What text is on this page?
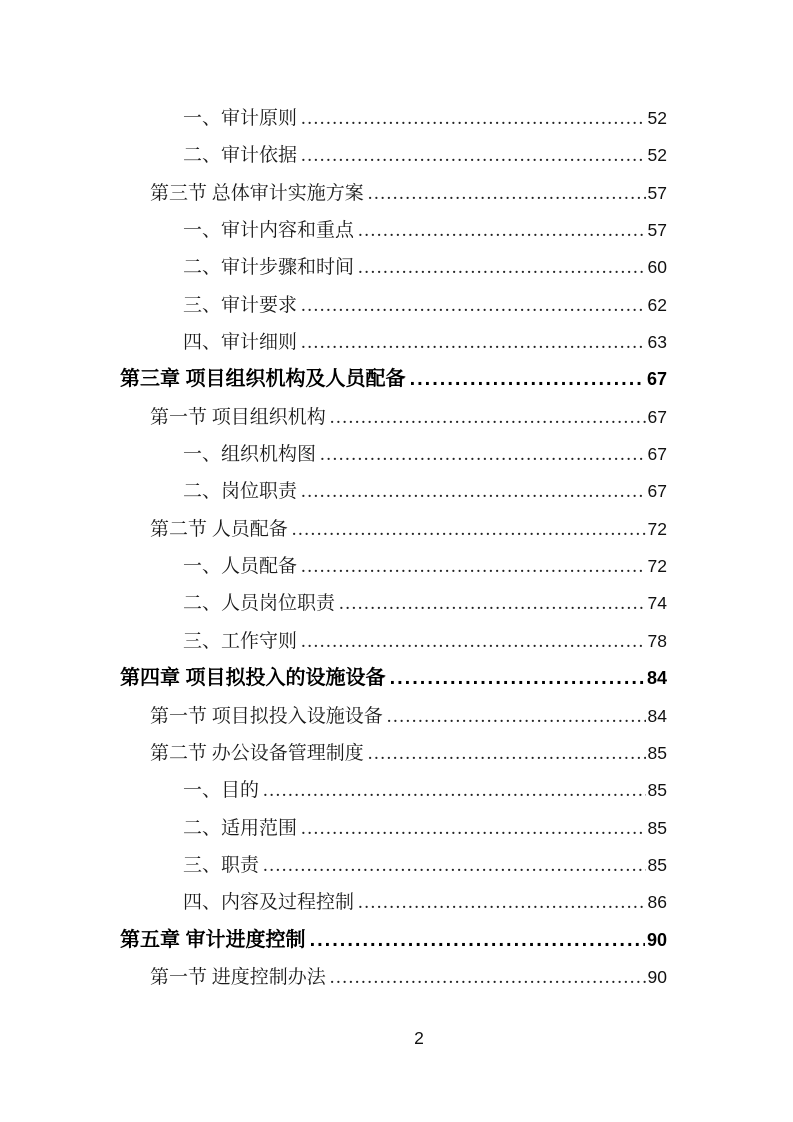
一、审计原则 .....	52
二、审计依据 .....	52
第三节 总体审计实施方案 .....	57
一、审计内容和重点 .....	57
二、审计步骤和时间 .....	60
三、审计要求 .....	62
四、审计细则 .....	63
第三章 项目组织机构及人员配备 .....	67
第一节 项目组织机构 .....	67
一、组织机构图 .....	67
二、岗位职责 .....	67
第二节 人员配备 .....	72
一、人员配备 .....	72
二、人员岗位职责 .....	74
三、工作守则 .....	78
第四章 项目拟投入的设施设备 .....	84
第一节 项目拟投入设施设备 .....	84
第二节 办公设备管理制度 .....	85
一、目的 .....	85
二、适用范围 .....	85
三、职责 .....	85
四、内容及过程控制 .....	86
第五章 审计进度控制 .....	90
第一节 进度控制办法 .....	90
2
